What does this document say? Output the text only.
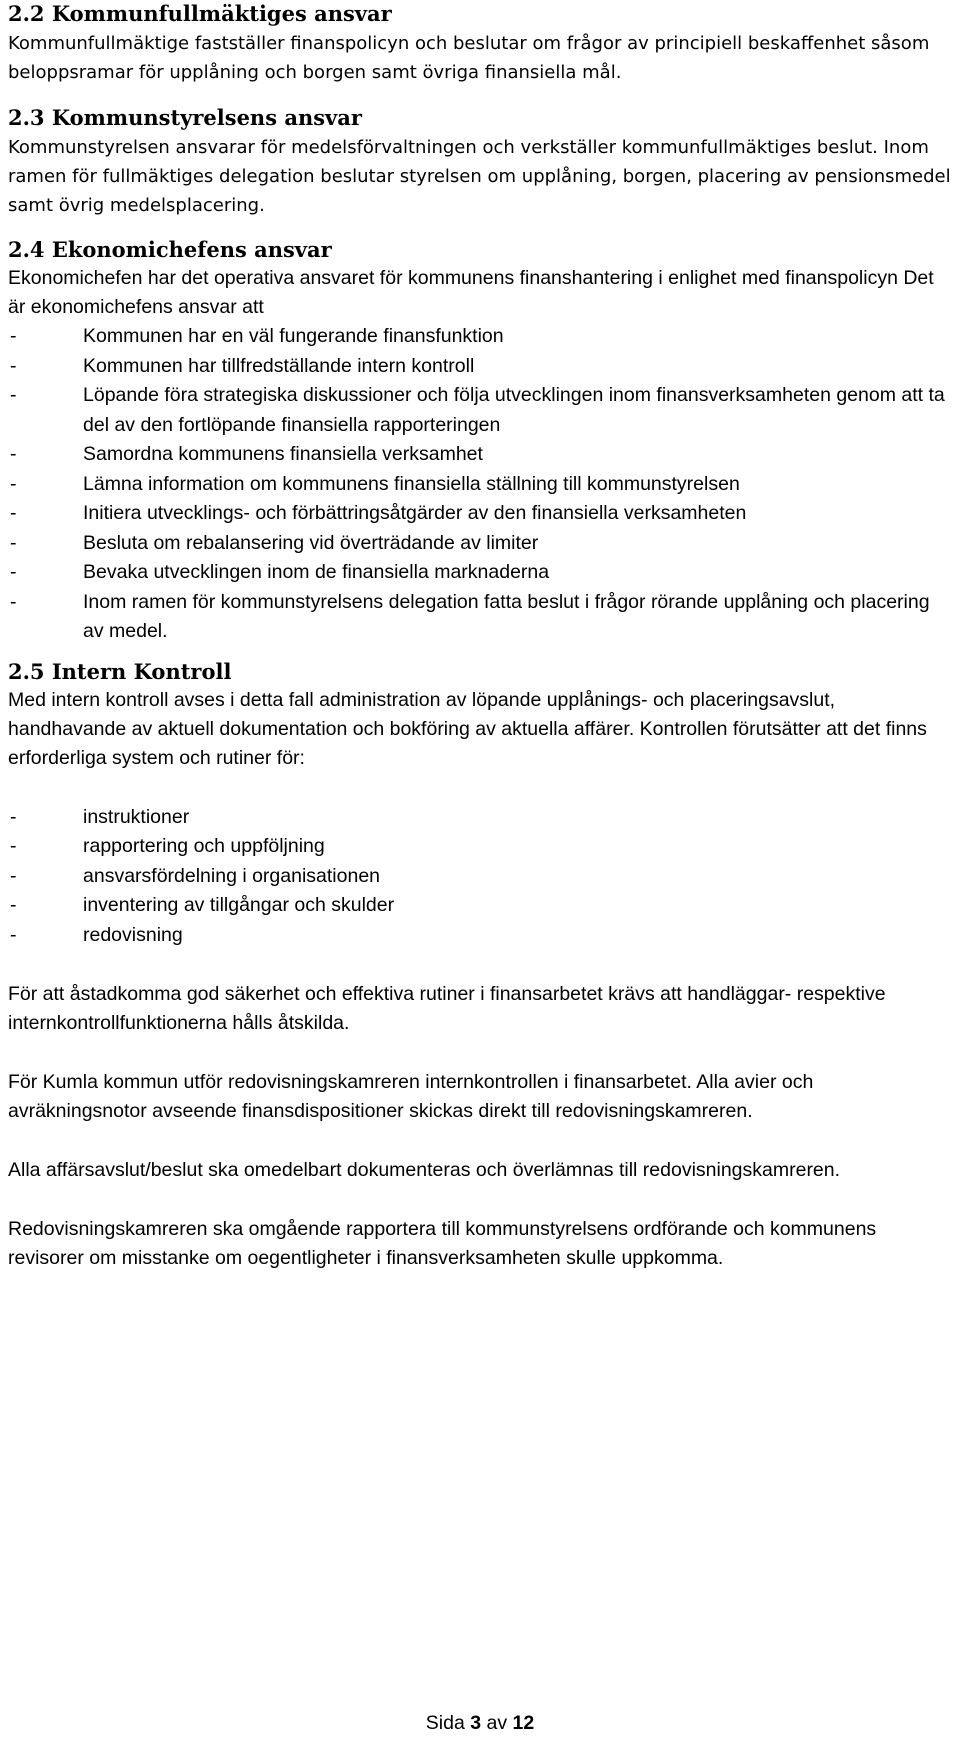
2.2 Kommunfullmäktiges ansvar

Kommunfullmäktige fastställer finanspolicyn och beslutar om frågor av principiell beskaffenhet såsom beloppsramar för upplåning och borgen samt övriga finansiella mål.

2.3 Kommunstyrelsens ansvar

Kommunstyrelsen ansvarar för medelsförvaltningen och verkställer kommunfullmäktiges beslut. Inom ramen för fullmäktiges delegation beslutar styrelsen om upplåning, borgen, placering av pensionsmedel samt övrig medelsplacering.

2.4 Ekonomichefens ansvar

Ekonomichefen har det operativa ansvaret för kommunens finanshantering i enlighet med finanspolicyn Det är ekonomichefens ansvar att

-	Kommunen har en väl fungerande finansfunktion
-	Kommunen har tillfredställande intern kontroll
-	Löpande föra strategiska diskussioner och följa utvecklingen inom finansverksamheten genom att ta del av den fortlöpande finansiella rapporteringen
-	Samordna kommunens finansiella verksamhet
-	Lämna information om kommunens finansiella ställning till kommunstyrelsen
-	Initiera utvecklings- och förbättringsåtgärder av den finansiella verksamheten
-	Besluta om rebalansering vid överträdande av limiter
-	Bevaka utvecklingen inom de finansiella marknaderna
-	Inom ramen för kommunstyrelsens delegation fatta beslut i frågor rörande upplåning och placering av medel.
2.5 Intern Kontroll

Med intern kontroll avses i detta fall administration av löpande upplånings- och placeringsavslut, handhavande av aktuell dokumentation och bokföring av aktuella affärer. Kontrollen förutsätter att det finns erforderliga system och rutiner för:

-	instruktioner
-	rapportering och uppföljning
-	ansvarsfördelning i organisationen
-	inventering av tillgångar och skulder
-	redovisning

För att åstadkomma god säkerhet och effektiva rutiner i finansarbetet krävs att handläggar- respektive internkontrollfunktionerna hålls åtskilda.

För Kumla kommun utför redovisningskamreren internkontrollen i finansarbetet. Alla avier och avräkningsnotor avseende finansdispositioner skickas direkt till redovisningskamreren.

Alla affärsavslut/beslut ska omedelbart dokumenteras och överlämnas till redovisningskamreren.

Redovisningskamreren ska omgående rapportera till kommunstyrelsens ordförande och kommunens revisorer om misstanke om oegentligheter i finansverksamheten skulle uppkomma.

Sida 3 av 12
